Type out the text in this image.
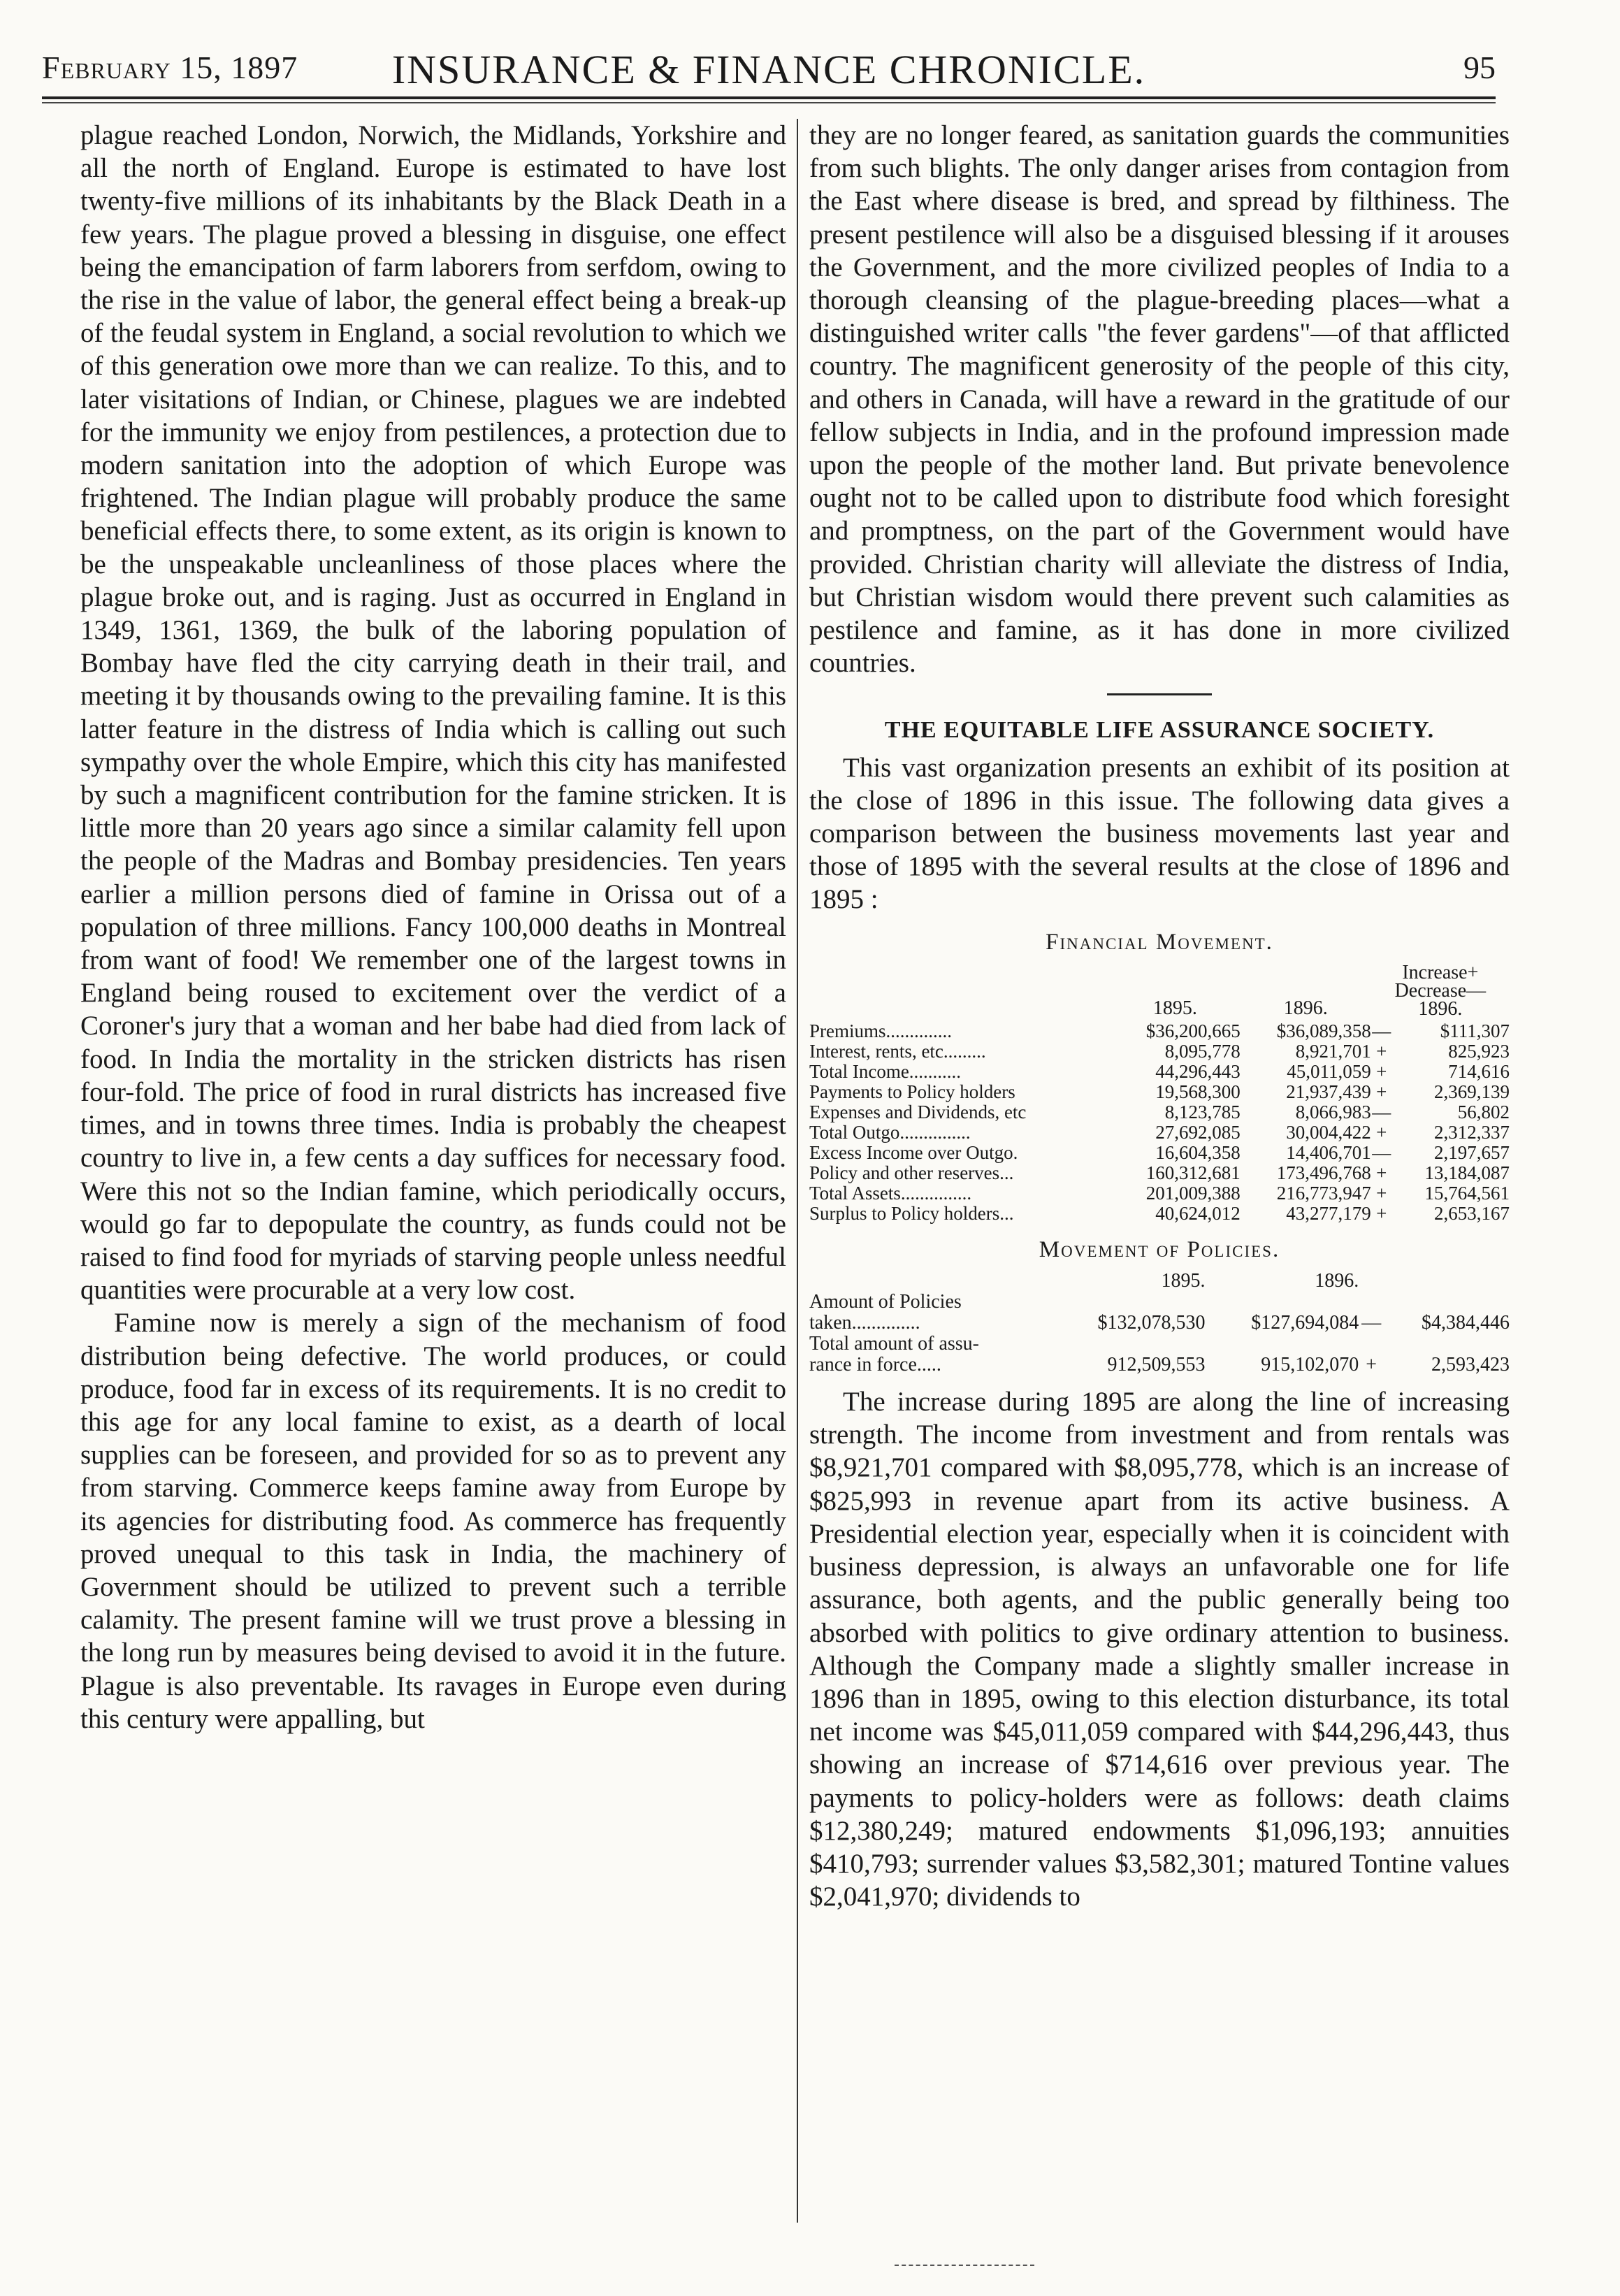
February 15, 1897	INSURANCE & FINANCE CHRONICLE.	95

plague reached London, Norwich, the Midlands, Yorkshire and all the north of England. Europe is estimated to have lost twenty-five millions of its inhabitants by the Black Death in a few years. The plague proved a blessing in disguise, one effect being the emancipation of farm laborers from serfdom, owing to the rise in the value of labor, the general effect being a break-up of the feudal system in England, a social revolution to which we of this generation owe more than we can realize. To this, and to later visitations of Indian, or Chinese, plagues we are indebted for the immunity we enjoy from pestilences, a protection due to modern sanitation into the adoption of which Europe was frightened. The Indian plague will probably produce the same beneficial effects there, to some extent, as its origin is known to be the unspeakable uncleanliness of those places where the plague broke out, and is raging. Just as occurred in England in 1349, 1361, 1369, the bulk of the laboring population of Bombay have fled the city carrying death in their trail, and meeting it by thousands owing to the prevailing famine. It is this latter feature in the distress of India which is calling out such sympathy over the whole Empire, which this city has manifested by such a magnificent contribution for the famine stricken. It is little more than 20 years ago since a similar calamity fell upon the people of the Madras and Bombay presidencies. Ten years earlier a million persons died of famine in Orissa out of a population of three millions. Fancy 100,000 deaths in Montreal from want of food! We remember one of the largest towns in England being roused to excitement over the verdict of a Coroner's jury that a woman and her babe had died from lack of food. In India the mortality in the stricken districts has risen four-fold. The price of food in rural districts has increased five times, and in towns three times. India is probably the cheapest country to live in, a few cents a day suffices for necessary food. Were this not so the Indian famine, which periodically occurs, would go far to depopulate the country, as funds could not be raised to find food for myriads of starving people unless needful quantities were procurable at a very low cost.

Famine now is merely a sign of the mechanism of food distribution being defective. The world produces, or could produce, food far in excess of its requirements. It is no credit to this age for any local famine to exist, as a dearth of local supplies can be foreseen, and provided for so as to prevent any from starving. Commerce keeps famine away from Europe by its agencies for distributing food. As commerce has frequently proved unequal to this task in India, the machinery of Government should be utilized to prevent such a terrible calamity. The present famine will we trust prove a blessing in the long run by measures being devised to avoid it in the future. Plague is also preventable. Its ravages in Europe even during this century were appalling, but

they are no longer feared, as sanitation guards the communities from such blights. The only danger arises from contagion from the East where disease is bred, and spread by filthiness. The present pestilence will also be a disguised blessing if it arouses the Government, and the more civilized peoples of India to a thorough cleansing of the plague-breeding places—what a distinguished writer calls "the fever gardens"—of that afflicted country. The magnificent generosity of the people of this city, and others in Canada, will have a reward in the gratitude of our fellow subjects in India, and in the profound impression made upon the people of the mother land. But private benevolence ought not to be called upon to distribute food which foresight and promptness, on the part of the Government would have provided. Christian charity will alleviate the distress of India, but Christian wisdom would there prevent such calamities as pestilence and famine, as it has done in more civilized countries.

THE EQUITABLE LIFE ASSURANCE SOCIETY.

This vast organization presents an exhibit of its position at the close of 1896 in this issue. The following data gives a comparison between the business movements last year and those of 1895 with the several results at the close of 1896 and 1895 :

Financial Movement.
	1895.	1896.	Increase+ Decrease— 1896.	
Premiums..............	$36,200,665	$36,089,358	—	$111,307
Interest, rents, etc.........	8,095,778	8,921,701	+	825,923
Total Income...........	44,296,443	45,011,059	+	714,616
Payments to Policy holders	19,568,300	21,937,439	+	2,369,139
Expenses and Dividends, etc	8,123,785	8,066,983	—	56,802
Total Outgo...............	27,692,085	30,004,422	+	2,312,337
Excess Income over Outgo.	16,604,358	14,406,701	—	2,197,657
Policy and other reserves...	160,312,681	173,496,768	+	13,184,087
Total Assets...............	201,009,388	216,773,947	+	15,764,561
Surplus to Policy holders...	40,624,012	43,277,179	+	2,653,167
Movement of Policies.
	1895.	1896.		
Amount of Policies				
taken..............	$132,078,530	$127,694,084	—	$4,384,446
Total amount of assu-				
rance in force.....	912,509,553	915,102,070	+	2,593,423

The increase during 1895 are along the line of increasing strength. The income from investment and from rentals was $8,921,701 compared with $8,095,778, which is an increase of $825,993 in revenue apart from its active business. A Presidential election year, especially when it is coincident with business depression, is always an unfavorable one for life assurance, both agents, and the public generally being too absorbed with politics to give ordinary attention to business. Although the Company made a slightly smaller increase in 1896 than in 1895, owing to this election disturbance, its total net income was $45,011,059 compared with $44,296,443, thus showing an increase of $714,616 over previous year. The payments to policy-holders were as follows: death claims $12,380,249; matured endowments $1,096,193; annuities $410,793; surrender values $3,582,301; matured Tontine values $2,041,970; dividends to
